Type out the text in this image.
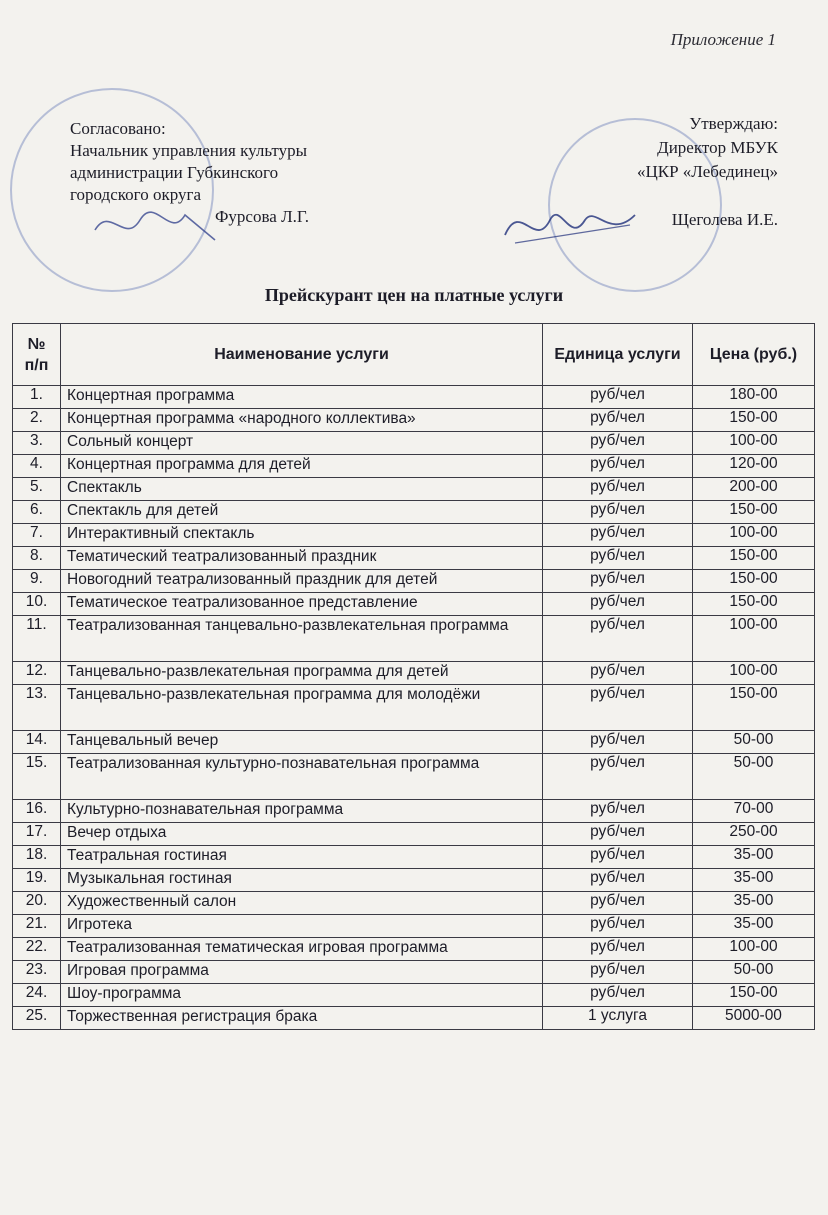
Приложение 1
Согласовано:
Начальник управления культуры
администрации Губкинского
городского округа
Фурсова Л.Г.
Утверждаю:
Директор МБУК
«ЦКР «Лебединец»
Щеголева И.Е.
Прейскурант цен на платные услуги
№ п/п	Наименование услуги	Единица услуги	Цена (руб.)
1.	Концертная программа	руб/чел	180-00
2.	Концертная программа «народного коллектива»	руб/чел	150-00
3.	Сольный концерт	руб/чел	100-00
4.	Концертная программа для детей	руб/чел	120-00
5.	Спектакль	руб/чел	200-00
6.	Спектакль для детей	руб/чел	150-00
7.	Интерактивный спектакль	руб/чел	100-00
8.	Тематический театрализованный праздник	руб/чел	150-00
9.	Новогодний театрализованный праздник для детей	руб/чел	150-00
10.	Тематическое театрализованное представление	руб/чел	150-00
11.	Театрализованная танцевально-развлекательная программа	руб/чел	100-00
12.	Танцевально-развлекательная программа для детей	руб/чел	100-00
13.	Танцевально-развлекательная программа для молодёжи	руб/чел	150-00
14.	Танцевальный вечер	руб/чел	50-00
15.	Театрализованная культурно-познавательная программа	руб/чел	50-00
16.	Культурно-познавательная программа	руб/чел	70-00
17.	Вечер отдыха	руб/чел	250-00
18.	Театральная гостиная	руб/чел	35-00
19.	Музыкальная гостиная	руб/чел	35-00
20.	Художественный салон	руб/чел	35-00
21.	Игротека	руб/чел	35-00
22.	Театрализованная тематическая игровая программа	руб/чел	100-00
23.	Игровая программа	руб/чел	50-00
24.	Шоу-программа	руб/чел	150-00
25.	Торжественная регистрация брака	1 услуга	5000-00
